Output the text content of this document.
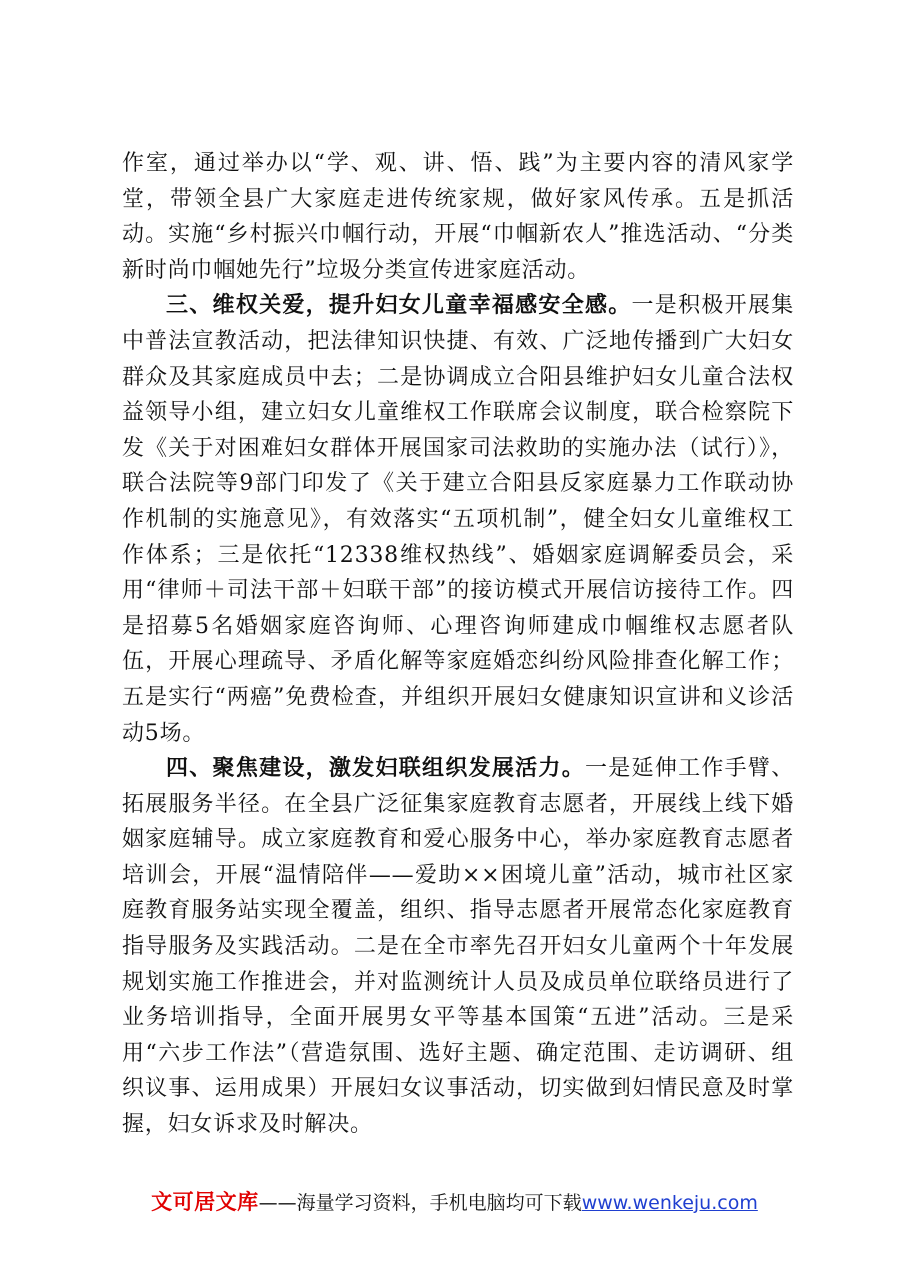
作室，通过举办以“学、观、讲、悟、践”为主要内容的清风家学堂，带领全县广大家庭走进传统家规，做好家风传承。五是抓活动。实施“乡村振兴巾帼行动，开展“巾帼新农人”推选活动、“分类新时尚巾帼她先行”垃圾分类宣传进家庭活动。

三、维权关爱，提升妇女儿童幸福感安全感。一是积极开展集中普法宣教活动，把法律知识快捷、有效、广泛地传播到广大妇女群众及其家庭成员中去；二是协调成立合阳县维护妇女儿童合法权益领导小组，建立妇女儿童维权工作联席会议制度，联合检察院下发《关于对困难妇女群体开展国家司法救助的实施办法（试行）》，联合法院等9部门印发了《关于建立合阳县反家庭暴力工作联动协作机制的实施意见》，有效落实“五项机制”，健全妇女儿童维权工作体系；三是依托“12338维权热线”、婚姻家庭调解委员会，采用“律师＋司法干部＋妇联干部”的接访模式开展信访接待工作。四是招募5名婚姻家庭咨询师、心理咨询师建成巾帼维权志愿者队伍，开展心理疏导、矛盾化解等家庭婚恋纠纷风险排查化解工作；五是实行“两癌”免费检查，并组织开展妇女健康知识宣讲和义诊活动5场。

四、聚焦建设，激发妇联组织发展活力。一是延伸工作手臂、拓展服务半径。在全县广泛征集家庭教育志愿者，开展线上线下婚姻家庭辅导。成立家庭教育和爱心服务中心，举办家庭教育志愿者培训会，开展“温情陪伴——爱助××困境儿童”活动，城市社区家庭教育服务站实现全覆盖，组织、指导志愿者开展常态化家庭教育指导服务及实践活动。二是在全市率先召开妇女儿童两个十年发展规划实施工作推进会，并对监测统计人员及成员单位联络员进行了业务培训指导，全面开展男女平等基本国策“五进”活动。三是采用“六步工作法”（营造氛围、选好主题、确定范围、走访调研、组织议事、运用成果）开展妇女议事活动，切实做到妇情民意及时掌握，妇女诉求及时解决。

文可居文库——海量学习资料，手机电脑均可下载www.wenkeju.com
